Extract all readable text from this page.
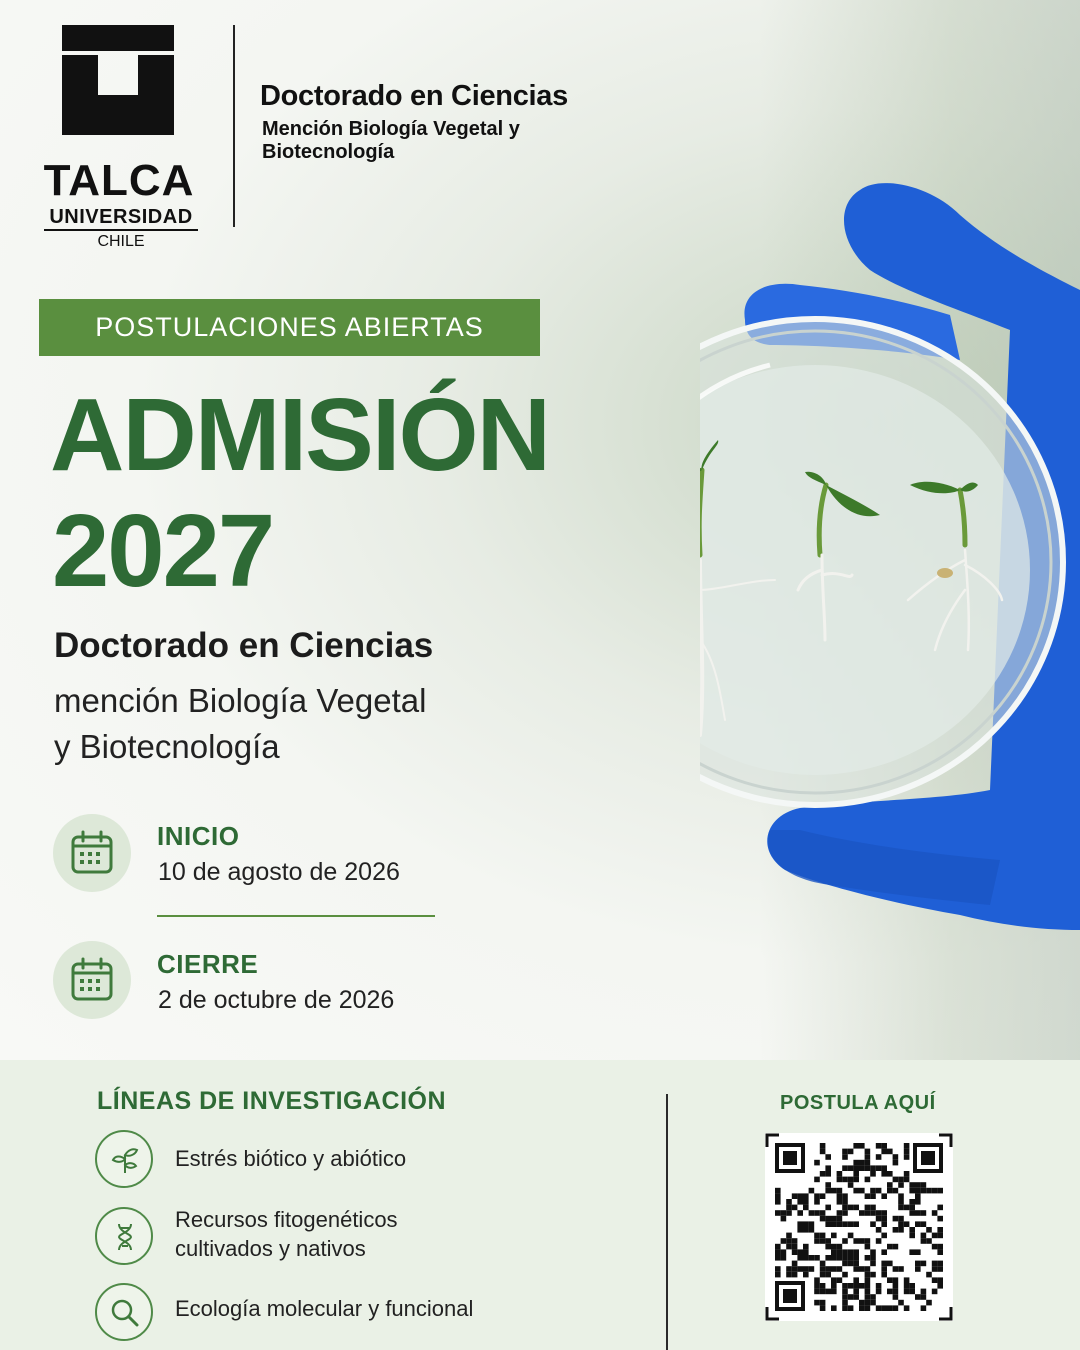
TALCA
UNIVERSIDAD
CHILE
Doctorado en Ciencias
Mención Biología Vegetal y Biotecnología
POSTULACIONES ABIERTAS
ADMISIÓN
2027
Doctorado en Ciencias
mención Biología Vegetal
y Biotecnología
INICIO
10 de agosto de 2026
CIERRE
2 de octubre de 2026
LÍNEAS DE INVESTIGACIÓN
Estrés biótico y abiótico
Recursos fitogenéticos
cultivados y nativos
Ecología molecular y funcional
POSTULA AQUÍ
